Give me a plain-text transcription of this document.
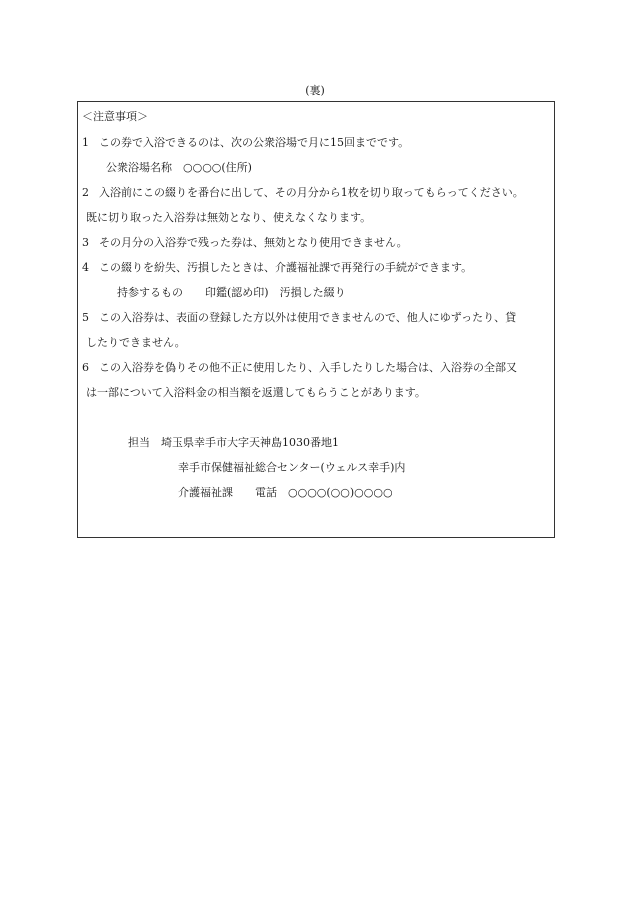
(裏)
＜注意事項＞
1 この券で入浴できるのは、次の公衆浴場で月に15回までです。
公衆浴場名称　○○○○(住所)
2 入浴前にこの綴りを番台に出して、その月分から1枚を切り取ってもらってください。
既に切り取った入浴券は無効となり、使えなくなります。
3 その月分の入浴券で残った券は、無効となり使用できません。
4 この綴りを紛失、汚損したときは、介護福祉課で再発行の手続ができます。
持参するもの　　印鑑(認め印)　汚損した綴り
5 この入浴券は、表面の登録した方以外は使用できませんので、他人にゆずったり、貸
したりできません。
6 この入浴券を偽りその他不正に使用したり、入手したりした場合は、入浴券の全部又
は一部について入浴料金の相当額を返還してもらうことがあります。
担当　埼玉県幸手市大字天神島1030番地1
幸手市保健福祉総合センター(ウェルス幸手)内
介護福祉課　　電話　○○○○(○○)○○○○
